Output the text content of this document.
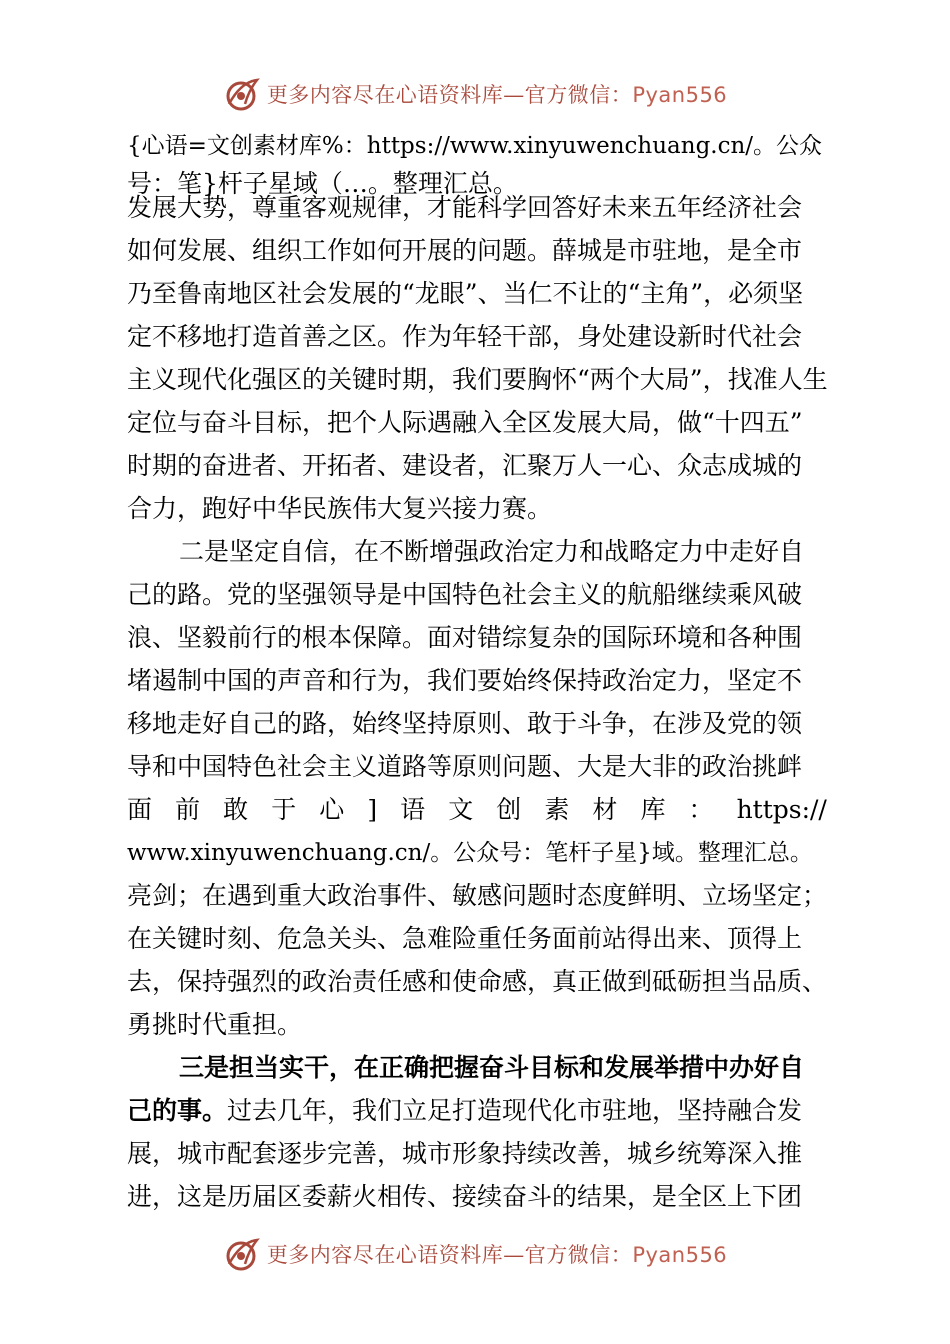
更多内容尽在心语资料库—官方微信：Pyan556
{心语=文创素材库%：https://www.xinyuwenchuang.cn/。公众
号：笔}杆子星域（…。整理汇总。
发展大势，尊重客观规律，才能科学回答好未来五年经济社会
如何发展、组织工作如何开展的问题。薛城是市驻地，是全市
乃至鲁南地区社会发展的“龙眼”、当仁不让的“主角”，必须坚
定不移地打造首善之区。作为年轻干部，身处建设新时代社会
主义现代化强区的关键时期，我们要胸怀“两个大局”，找准人生
定位与奋斗目标，把个人际遇融入全区发展大局，做“十四五”
时期的奋进者、开拓者、建设者，汇聚万人一心、众志成城的
合力，跑好中华民族伟大复兴接力赛。
二是坚定自信，在不断增强政治定力和战略定力中走好自
己的路。党的坚强领导是中国特色社会主义的航船继续乘风破
浪、坚毅前行的根本保障。面对错综复杂的国际环境和各种围
堵遏制中国的声音和行为，我们要始终保持政治定力，坚定不
移地走好自己的路，始终坚持原则、敢于斗争，在涉及党的领
导和中国特色社会主义道路等原则问题、大是大非的政治挑衅
面 前 敢 于 心 ] 语 文 创 素 材 库 ： https://
www.xinyuwenchuang.cn/。公众号：笔杆子星}域。整理汇总。
亮剑；在遇到重大政治事件、敏感问题时态度鲜明、立场坚定；
在关键时刻、危急关头、急难险重任务面前站得出来、顶得上
去，保持强烈的政治责任感和使命感，真正做到砥砺担当品质、
勇挑时代重担。
三是担当实干，在正确把握奋斗目标和发展举措中办好自
己的事。过去几年，我们立足打造现代化市驻地，坚持融合发
展，城市配套逐步完善，城市形象持续改善，城乡统筹深入推
进，这是历届区委薪火相传、接续奋斗的结果，是全区上下团
更多内容尽在心语资料库—官方微信：Pyan556
